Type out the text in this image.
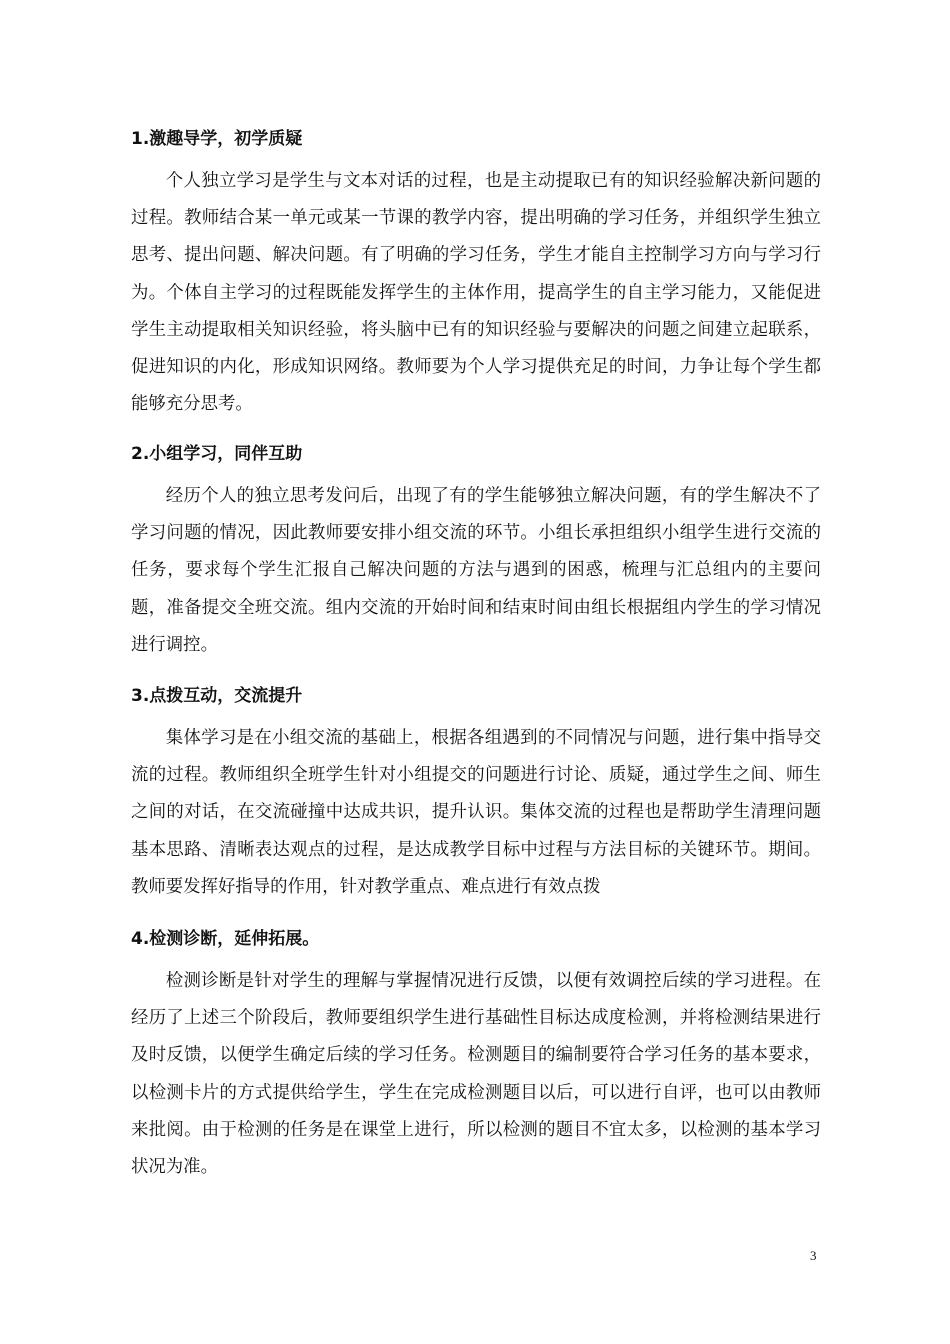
1.激趣导学，初学质疑

个人独立学习是学生与文本对话的过程，也是主动提取已有的知识经验解决新问题的过程。教师结合某一单元或某一节课的教学内容，提出明确的学习任务，并组织学生独立思考、提出问题、解决问题。有了明确的学习任务，学生才能自主控制学习方向与学习行为。个体自主学习的过程既能发挥学生的主体作用，提高学生的自主学习能力，又能促进学生主动提取相关知识经验，将头脑中已有的知识经验与要解决的问题之间建立起联系，促进知识的内化，形成知识网络。教师要为个人学习提供充足的时间，力争让每个学生都能够充分思考。

2.小组学习，同伴互助

经历个人的独立思考发问后，出现了有的学生能够独立解决问题，有的学生解决不了学习问题的情况，因此教师要安排小组交流的环节。小组长承担组织小组学生进行交流的任务，要求每个学生汇报自己解决问题的方法与遇到的困惑，梳理与汇总组内的主要问题，准备提交全班交流。组内交流的开始时间和结束时间由组长根据组内学生的学习情况进行调控。

3.点拨互动，交流提升

集体学习是在小组交流的基础上，根据各组遇到的不同情况与问题，进行集中指导交流的过程。教师组织全班学生针对小组提交的问题进行讨论、质疑，通过学生之间、师生之间的对话，在交流碰撞中达成共识，提升认识。集体交流的过程也是帮助学生清理问题基本思路、清晰表达观点的过程，是达成教学目标中过程与方法目标的关键环节。期间。教师要发挥好指导的作用，针对教学重点、难点进行有效点拨

4.检测诊断，延伸拓展。

检测诊断是针对学生的理解与掌握情况进行反馈，以便有效调控后续的学习进程。在经历了上述三个阶段后，教师要组织学生进行基础性目标达成度检测，并将检测结果进行及时反馈，以便学生确定后续的学习任务。检测题目的编制要符合学习任务的基本要求，以检测卡片的方式提供给学生，学生在完成检测题目以后，可以进行自评，也可以由教师来批阅。由于检测的任务是在课堂上进行，所以检测的题目不宜太多，以检测的基本学习状况为准。

3
